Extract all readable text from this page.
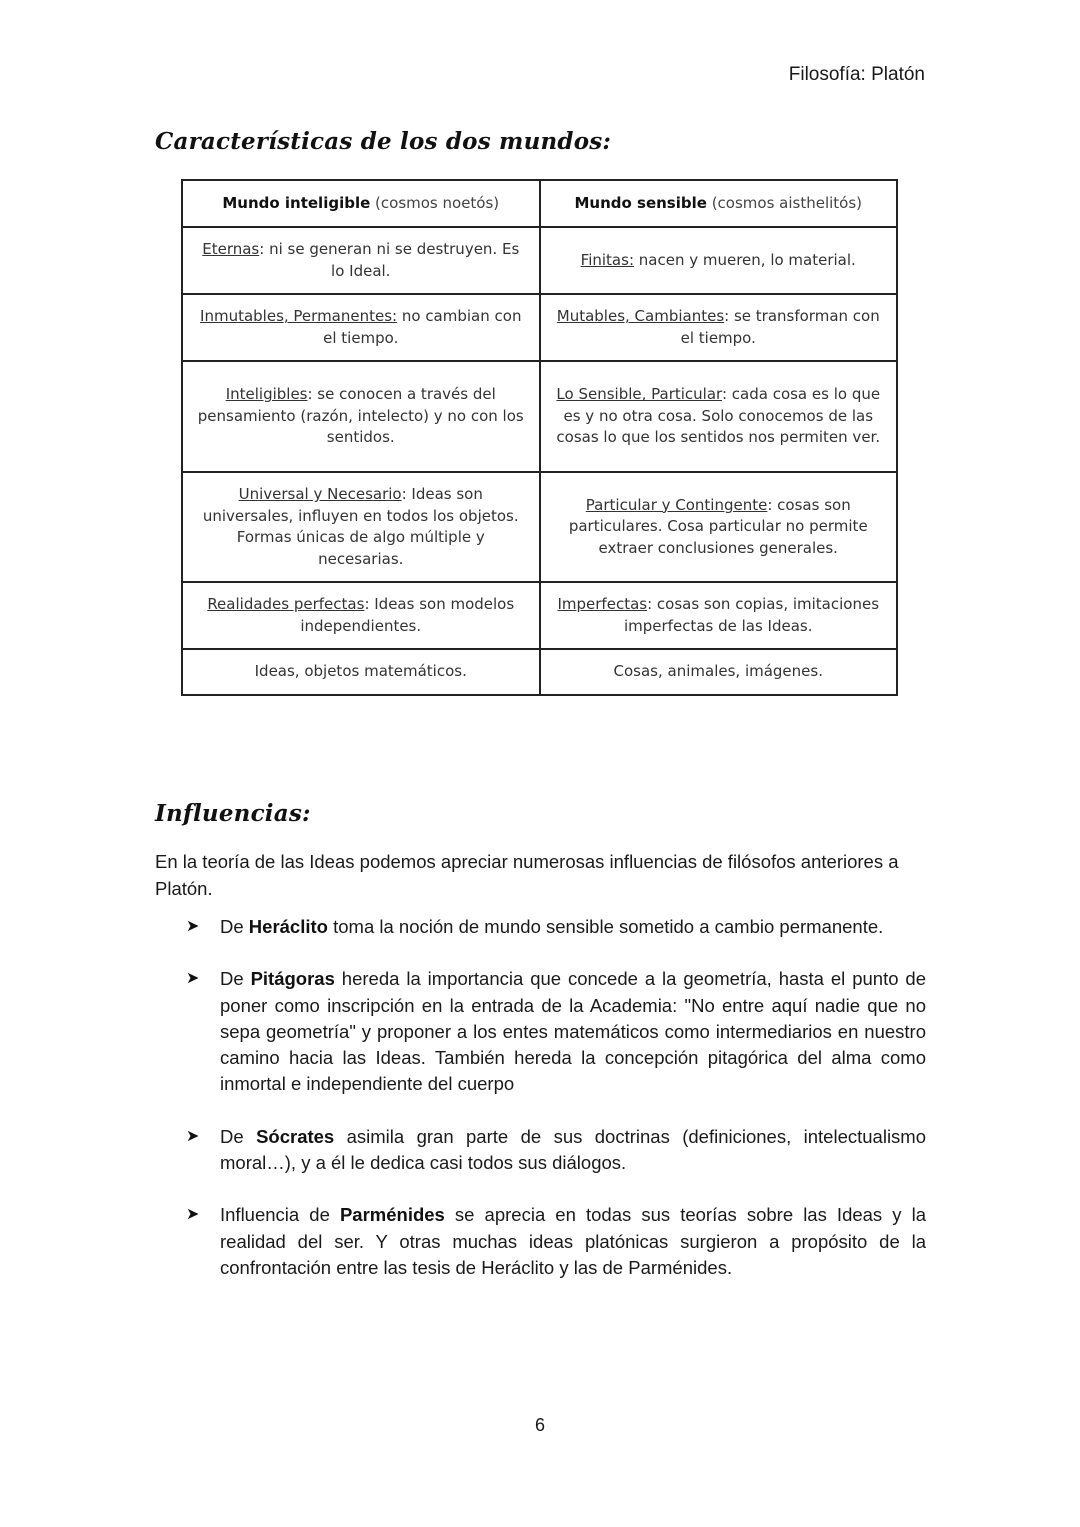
Filosofía: Platón
Características de los dos mundos:
Mundo inteligible (cosmos noetós)	Mundo sensible (cosmos aisthelitós)
Eternas: ni se generan ni se destruyen. Es lo Ideal.	Finitas: nacen y mueren, lo material.
Inmutables, Permanentes: no cambian con el tiempo.	Mutables, Cambiantes: se transforman con el tiempo.
Inteligibles: se conocen a través del pensamiento (razón, intelecto) y no con los sentidos.	Lo Sensible, Particular: cada cosa es lo que es y no otra cosa. Solo conocemos de las cosas lo que los sentidos nos permiten ver.
Universal y Necesario: Ideas son universales, influyen en todos los objetos. Formas únicas de algo múltiple y necesarias.	Particular y Contingente: cosas son particulares. Cosa particular no permite extraer conclusiones generales.
Realidades perfectas: Ideas son modelos independientes.	Imperfectas: cosas son copias, imitaciones imperfectas de las Ideas.
Ideas, objetos matemáticos.	Cosas, animales, imágenes.
Influencias:

En la teoría de las Ideas podemos apreciar numerosas influencias de filósofos anteriores a Platón.

➤ De Heráclito toma la noción de mundo sensible sometido a cambio permanente.
➤ De Pitágoras hereda la importancia que concede a la geometría, hasta el punto de poner como inscripción en la entrada de la Academia: "No entre aquí nadie que no sepa geometría" y proponer a los entes matemáticos como intermediarios en nuestro camino hacia las Ideas. También hereda la concepción pitagórica del alma como inmortal e independiente del cuerpo
➤ De Sócrates asimila gran parte de sus doctrinas (definiciones, intelectualismo moral…), y a él le dedica casi todos sus diálogos.
➤ Influencia de Parménides se aprecia en todas sus teorías sobre las Ideas y la realidad del ser. Y otras muchas ideas platónicas surgieron a propósito de la confrontación entre las tesis de Heráclito y las de Parménides.
6
